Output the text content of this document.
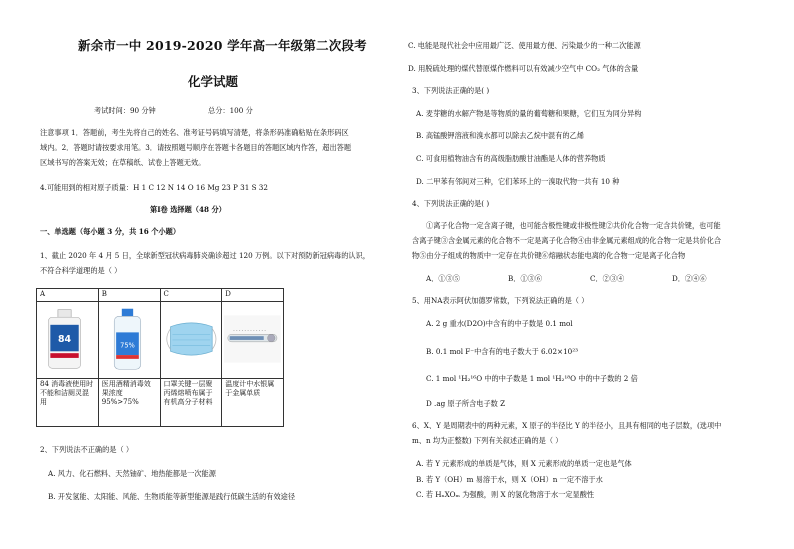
新余市一中 2019-2020 学年高一年级第二次段考
化学试题
考试时间：90 分钟	总分：100 分
注意事项 1．答题前，考生先将自己的姓名、准考证号码填写清楚，将条形码准确粘贴在条形码区
域内。2．答题时请按要求用笔。3．请按照题号顺序在答题卡各题目的答题区域内作答，超出答题
区域书写的答案无效；在草稿纸、试卷上答题无效。
4.可能用到的相对原子质量：H 1 C 12 N 14 O 16 Mg 23 P 31 S 32
第Ⅰ卷 选择题（48 分）
一、单选题（每小题 3 分，共 16 个小题）
1、截止 2020 年 4 月 5 日，全球新型冠状病毒肺炎确诊超过 120 万例。以下对预防新冠病毒的认识，
不符合科学道理的是（ ）
A	B	C	D

84	75%

84 消毒液使用时不能和洁厕灵混用	医用酒精消毒效果浓度 95%>75%	口罩关键一层聚丙烯熔喷布属于有机高分子材料	温度计中水银属于金属单质
2、下列说法不正确的是（ ）
A. 风力、化石燃料、天然铀矿、地热能都是一次能源
B. 开发氢能、太阳能、风能、生物质能等新型能源是践行低碳生活的有效途径
C. 电能是现代社会中应用最广泛、使用最方便、污染最少的一种二次能源
D. 用脱硫处理的煤代替原煤作燃料可以有效减少空气中 CO₂ 气体的含量
3、下列说法正确的是( )
A. 麦芽糖的水解产物是等物质的量的葡萄糖和果糖，它们互为同分异构
B. 高锰酸钾溶液和溴水都可以除去乙烷中混有的乙烯
C. 可食用植物油含有的高级脂肪酸甘油酯是人体的营养物质
D. 二甲苯有邻间对三种，它们苯环上的一溴取代物一共有 10 种
4、下列说法正确的是( )
①离子化合物一定含离子键，也可能含极性键或非极性键②共价化合物一定含共价键，也可能
含离子键③含金属元素的化合物不一定是离子化合物④由非金属元素组成的化合物一定是共价化合
物⑤由分子组成的物质中一定存在共价键⑥熔融状态能电离的化合物一定是离子化合物
A．①③⑤	B．①③⑥	C．②③④	D．②④⑥
5、用NA表示阿伏加德罗常数，下列说法正确的是（ ）
A. 2 g 重水(D2O)中含有的中子数是 0.1 mol
B. 0.1 mol F⁻中含有的电子数大于 6.02×10²³
C. 1 mol ¹H₂¹⁶O 中的中子数是 1 mol ¹H₂¹⁸O 中的中子数的 2 倍
D .ag 原子所含电子数 Z
6、X、Y 是周期表中的两种元素，X 原子的半径比 Y 的半径小，且具有相同的电子层数，(选项中
m、n 均为正整数) 下列有关叙述正确的是（ ）
A. 若 Y 元素形成的单质是气体，则 X 元素形成的单质一定也是气体
B. 若 Y（OH）m 易溶于水，则 X（OH）n 一定不溶于水
C. 若 HₙXOₘ 为强酸，则 X 的氢化物溶于水一定显酸性
